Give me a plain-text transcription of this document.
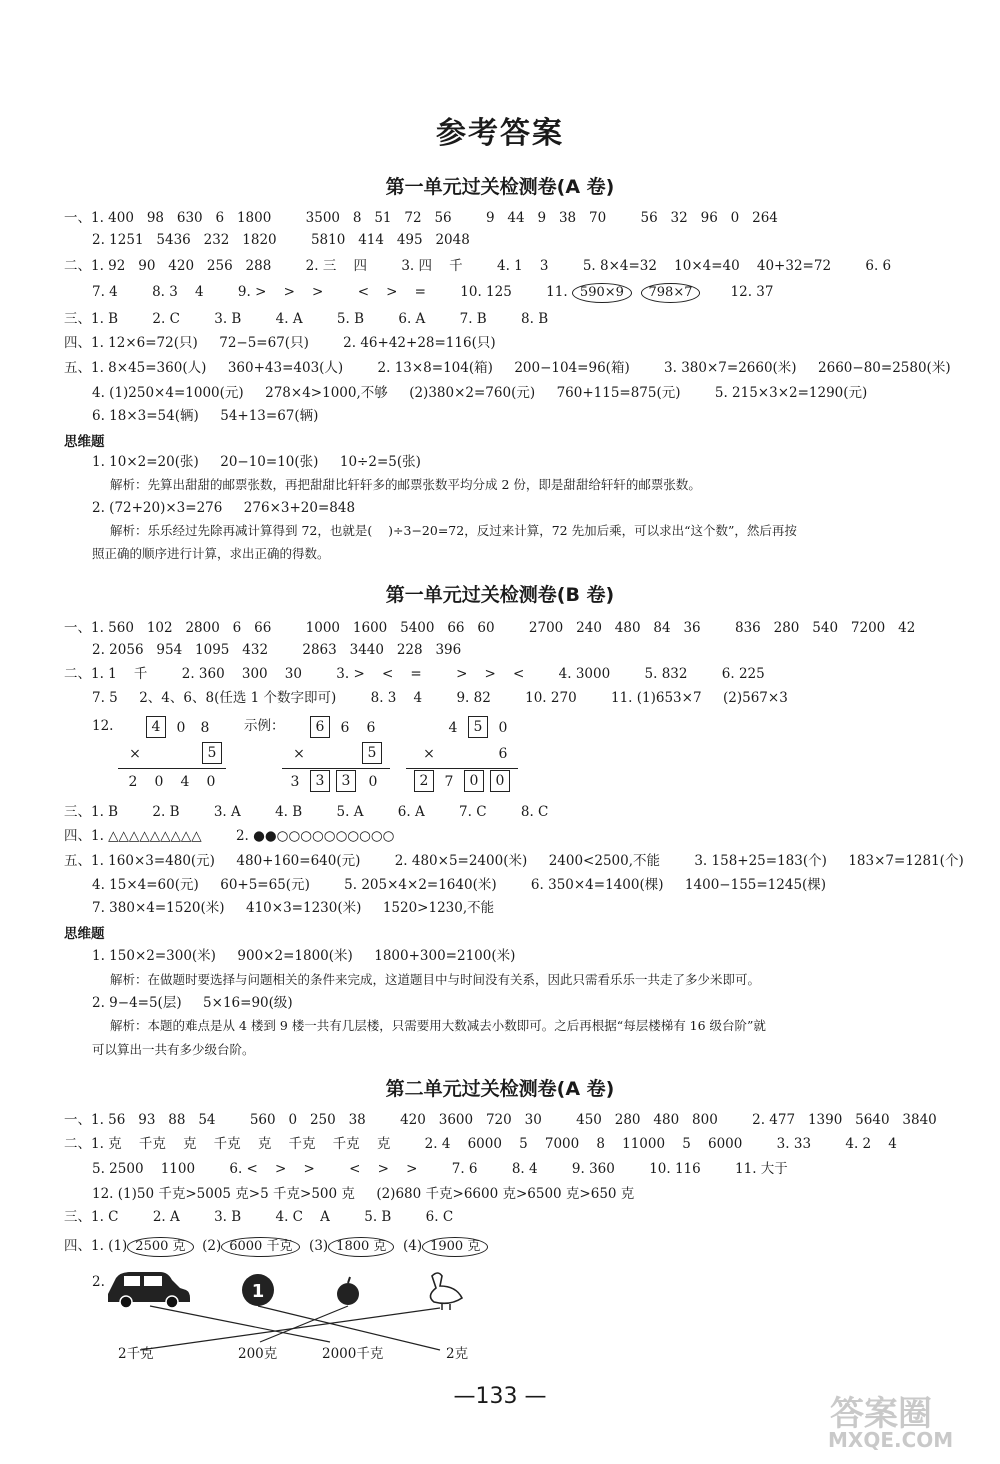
参考答案
第一单元过关检测卷(A 卷)
一、1. 400   98   630   6   1800        3500   8   51   72   56        9   44   9   38   70        56   32   96   0   264
2. 1251   5436   232   1820        5810   414   495   2048
二、1. 92   90   420   256   288        2. 三    四        3. 四    千        4. 1    3        5. 8×4=32    10×4=40    40+32=72        6. 6
7. 4        8. 3    4        9. >    >    >        <    >    =        10. 125        11. 590×9 798×7       12. 37
三、1. B        2. C        3. B        4. A        5. B        6. A        7. B        8. B
四、1. 12×6=72(只)     72−5=67(只)        2. 46+42+28=116(只)
五、1. 8×45=360(人)     360+43=403(人)        2. 13×8=104(箱)     200−104=96(箱)        3. 380×7=2660(米)     2660−80=2580(米)
4. (1)250×4=1000(元)     278×4>1000,不够     (2)380×2=760(元)     760+115=875(元)        5. 215×3×2=1290(元)
6. 18×3=54(辆)     54+13=67(辆)
思维题
1. 10×2=20(张)     20−10=10(张)     10÷2=5(张)
解析：先算出甜甜的邮票张数，再把甜甜比轩轩多的邮票张数平均分成 2 份，即是甜甜给轩轩的邮票张数。
2. (72+20)×3=276     276×3+20=848
解析：乐乐经过先除再减计算得到 72，也就是(    )÷3−20=72，反过来计算，72 先加后乘，可以求出“这个数”，然后再按
照正确的顺序进行计算，求出正确的得数。
第一单元过关检测卷(B 卷)
一、1. 560   102   2800   6   66        1000   1600   5400   66   60        2700   240   480   84   36        836   280   540   7200   42
2. 2056   954   1095   432        2863   3440   228   396
二、1. 1    千        2. 360    300    30        3. >    <    =        >    >    <        4. 3000        5. 832        6. 225
7. 5     2、4、6、8(任选 1 个数字即可)        8. 3    4        9. 82        10. 270        11. (1)653×7     (2)567×3
12.	示例：
4	0	8
×	5
2	0	4	0
6	6	6
×	5
3	3	3	0
4	5	0
×	6
2	7	0	0
三、1. B        2. B        3. A        4. B        5. A        6. A        7. C        8. C
四、1. △△△△△△△△△        2. ●●○○○○○○○○○○
五、1. 160×3=480(元)     480+160=640(元)        2. 480×5=2400(米)     2400<2500,不能        3. 158+25=183(个)     183×7=1281(个)
4. 15×4=60(元)     60+5=65(元)        5. 205×4×2=1640(米)        6. 350×4=1400(棵)     1400−155=1245(棵)
7. 380×4=1520(米)     410×3=1230(米)     1520>1230,不能
思维题
1. 150×2=300(米)     900×2=1800(米)     1800+300=2100(米)
解析：在做题时要选择与问题相关的条件来完成，这道题目中与时间没有关系，因此只需看乐乐一共走了多少米即可。
2. 9−4=5(层)     5×16=90(级)
解析：本题的难点是从 4 楼到 9 楼一共有几层楼，只需要用大数减去小数即可。之后再根据“每层楼梯有 16 级台阶”就
可以算出一共有多少级台阶。
第二单元过关检测卷(A 卷)
一、1. 56   93   88   54        560   0   250   38        420   3600   720   30        450   280   480   800        2. 477   1390   5640   3840
二、1. 克    千克    克    千克    克    千克    千克    克        2. 4    6000    5    7000    8    11000    5    6000        3. 33        4. 2    4
5. 2500    1100        6. <    >    >        <    >    >        7. 6        8. 4        9. 360        10. 116        11. 大于
12. (1)50 千克>5005 克>5 千克>500 克     (2)680 千克>6600 克>6500 克>650 克
三、1. C        2. A        3. B        4. C    A        5. B        6. C
四、1. (1) 2500 克 (2) 6000 千克 (3) 1800 克 (4) 1900 克
2.	1
2千克	200克	2000千克	2克
—133 —	答案圈
MXQE.COM
